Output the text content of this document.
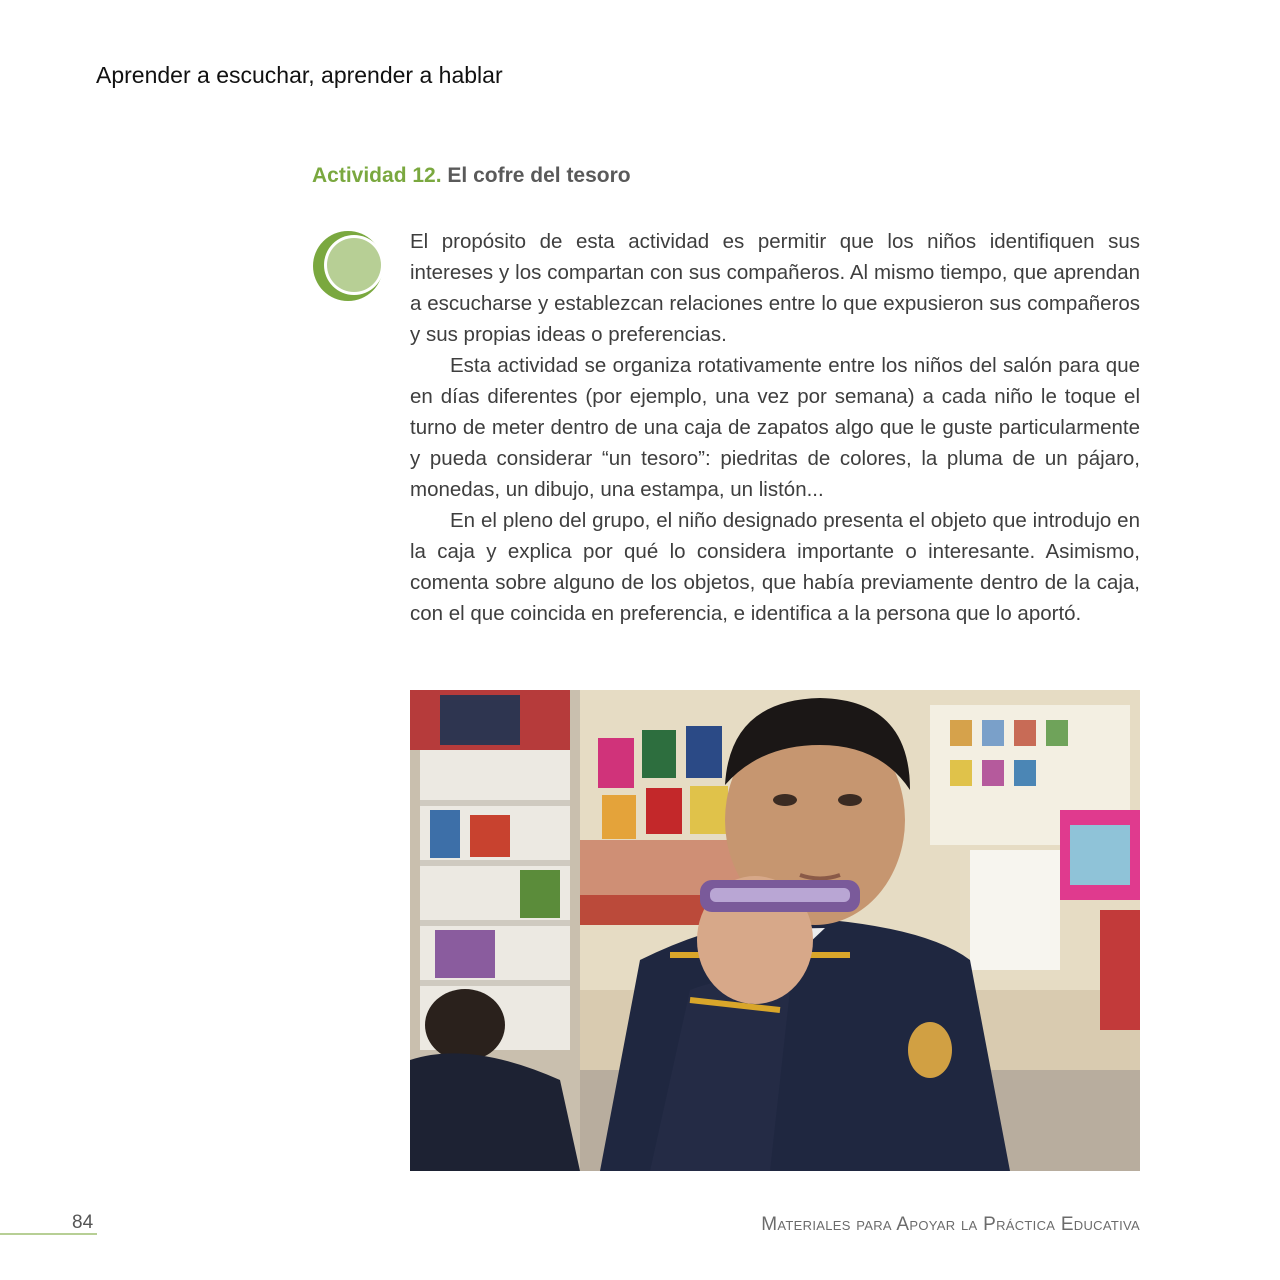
Aprender a escuchar, aprender a hablar
Actividad 12. El cofre del tesoro

El propósito de esta actividad es permitir que los niños identifiquen sus intereses y los compartan con sus compañeros. Al mismo tiempo, que aprendan a escucharse y establezcan relaciones entre lo que expusieron sus compañeros y sus propias ideas o preferencias.

Esta actividad se organiza rotativamente entre los niños del salón para que en días diferentes (por ejemplo, una vez por semana) a cada niño le toque el turno de meter dentro de una caja de zapatos algo que le guste particularmente y pueda considerar “un tesoro”: piedritas de colores, la pluma de un pájaro, monedas, un dibujo, una estampa, un listón...

En el pleno del grupo, el niño designado presenta el objeto que introdujo en la caja y explica por qué lo considera importante o interesante. Asimismo, comenta sobre alguno de los objetos, que había previamente dentro de la caja, con el que coincida en preferencia, e identifica a la persona que lo aportó.

84	Materiales para Apoyar la Práctica Educativa
